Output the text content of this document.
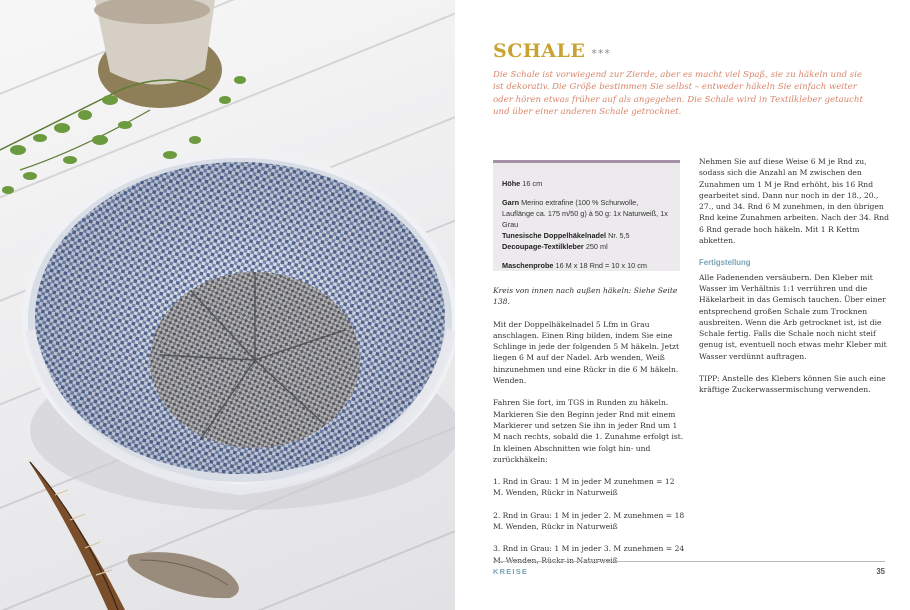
SCHALE ***

Die Schale ist vorwiegend zur Zierde, aber es macht viel Spaß, sie zu häkeln und sie ist dekorativ. Die Größe bestimmen Sie selbst – entweder häkeln Sie einfach weiter oder hören etwas früher auf als angegeben. Die Schale wird in Textilkleber getaucht und über einer anderen Schale getrocknet.

Höhe 16 cm

Garn Merino extrafine (100 % Schurwolle, Lauflänge ca. 175 m/50 g) à 50 g: 1x Naturweiß, 1x Grau

Tunesische Doppelhäkelnadel Nr. 5,5

Decoupage-Textilkleber 250 ml

Maschenprobe 16 M x 18 Rnd = 10 x 10 cm

Kreis von innen nach außen häkeln: Siehe Seite 138.

Mit der Doppelhäkelnadel 5 Lfm in Grau anschlagen. Einen Ring bilden, indem Sie eine Schlinge in jede der folgenden 5 M häkeln. Jetzt liegen 6 M auf der Nadel. Arb wenden, Weiß hinzunehmen und eine Rückr in die 6 M häkeln. Wenden.

Fahren Sie fort, im TGS in Runden zu häkeln. Markieren Sie den Beginn jeder Rnd mit einem Markierer und setzen Sie ihn in jeder Rnd um 1 M nach rechts, sobald die 1. Zunahme erfolgt ist. In kleinen Abschnitten wie folgt hin- und zurückhäkeln:

1. Rnd in Grau: 1 M in jeder M zunehmen = 12 M. Wenden, Rückr in Naturweiß

2. Rnd in Grau: 1 M in jeder 2. M zunehmen = 18 M. Wenden, Rückr in Naturweiß

3. Rnd in Grau: 1 M in jeder 3. M zunehmen = 24

Nehmen Sie auf diese Weise 6 M je Rnd zu, sodass sich die Anzahl an M zwischen den Zunahmen um 1 M je Rnd erhöht, bis 16 Rnd gearbeitet sind. Dann nur noch in der 18., 20., 27., und 34. Rnd 6 M zunehmen, in den übrigen Rnd keine Zunahmen arbeiten. Nach der 34. Rnd 6 Rnd gerade hoch häkeln. Mit 1 R Kettm abketten.

Fertigstellung

Alle Fadenenden versäubern. Den Kleber mit Wasser im Verhältnis 1:1 verrühren und die Häkelarbeit in das Gemisch tauchen. Über einer entsprechend großen Schale zum Trocknen ausbreiten. Wenn die Arb getrocknet ist, ist die Schale fertig. Falls die Schale noch nicht steif genug ist, eventuell noch etwas mehr Kleber mit Wasser verdünnt auftragen.

TIPP: Anstelle des Klebers können Sie auch eine kräftige Zuckerwassermischung verwenden.

KREISE	35
